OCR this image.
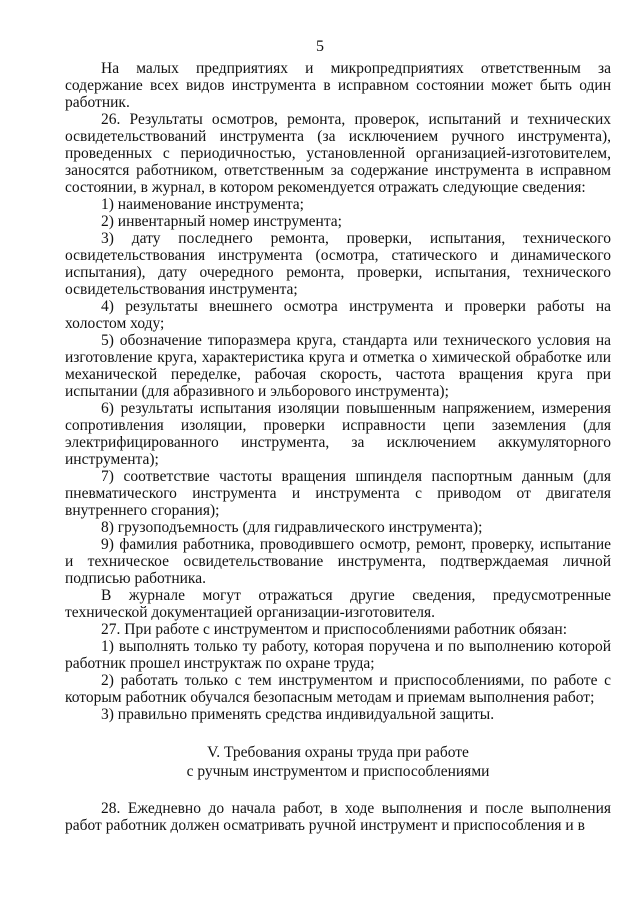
5

На малых предприятиях и микропредприятиях ответственным за содержание всех видов инструмента в исправном состоянии может быть один работник.

26. Результаты осмотров, ремонта, проверок, испытаний и технических освидетельствований инструмента (за исключением ручного инструмента), проведенных с периодичностью, установленной организацией-изготовителем, заносятся работником, ответственным за содержание инструмента в исправном состоянии, в журнал, в котором рекомендуется отражать следующие сведения:

1) наименование инструмента;

2) инвентарный номер инструмента;

3) дату последнего ремонта, проверки, испытания, технического освидетельствования инструмента (осмотра, статического и динамического испытания), дату очередного ремонта, проверки, испытания, технического освидетельствования инструмента;

4) результаты внешнего осмотра инструмента и проверки работы на холостом ходу;

5) обозначение типоразмера круга, стандарта или технического условия на изготовление круга, характеристика круга и отметка о химической обработке или механической переделке, рабочая скорость, частота вращения круга при испытании (для абразивного и эльборового инструмента);

6) результаты испытания изоляции повышенным напряжением, измерения сопротивления изоляции, проверки исправности цепи заземления (для электрифицированного инструмента, за исключением аккумуляторного инструмента);

7) соответствие частоты вращения шпинделя паспортным данным (для пневматического инструмента и инструмента с приводом от двигателя внутреннего сгорания);

8) грузоподъемность (для гидравлического инструмента);

9) фамилия работника, проводившего осмотр, ремонт, проверку, испытание и техническое освидетельствование инструмента, подтверждаемая личной подписью работника.

В журнале могут отражаться другие сведения, предусмотренные технической документацией организации-изготовителя.

27. При работе с инструментом и приспособлениями работник обязан:

1) выполнять только ту работу, которая поручена и по выполнению которой работник прошел инструктаж по охране труда;

2) работать только с тем инструментом и приспособлениями, по работе с которым работник обучался безопасным методам и приемам выполнения работ;

3) правильно применять средства индивидуальной защиты.

V. Требования охраны труда при работе
с ручным инструментом и приспособлениями

28. Ежедневно до начала работ, в ходе выполнения и после выполнения работ работник должен осматривать ручной инструмент и приспособления и в
